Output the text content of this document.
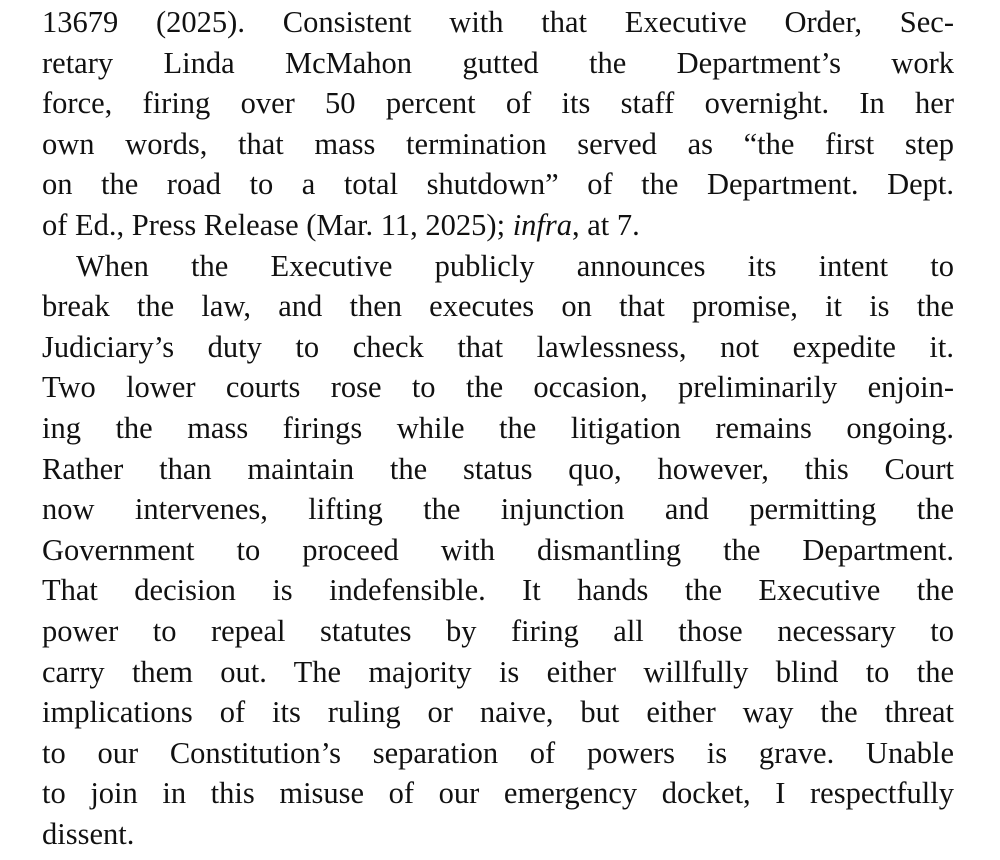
13679 (2025). Consistent with that Executive Order, Sec-
retary Linda McMahon gutted the Department’s work
force, firing over 50 percent of its staff overnight. In her
own words, that mass termination served as “the first step
on the road to a total shutdown” of the Department. Dept.
of Ed., Press Release (Mar. 11, 2025); infra, at 7.
When the Executive publicly announces its intent to
break the law, and then executes on that promise, it is the
Judiciary’s duty to check that lawlessness, not expedite it.
Two lower courts rose to the occasion, preliminarily enjoin-
ing the mass firings while the litigation remains ongoing.
Rather than maintain the status quo, however, this Court
now intervenes, lifting the injunction and permitting the
Government to proceed with dismantling the Department.
That decision is indefensible. It hands the Executive the
power to repeal statutes by firing all those necessary to
carry them out. The majority is either willfully blind to the
implications of its ruling or naive, but either way the threat
to our Constitution’s separation of powers is grave. Unable
to join in this misuse of our emergency docket, I respectfully
dissent.
